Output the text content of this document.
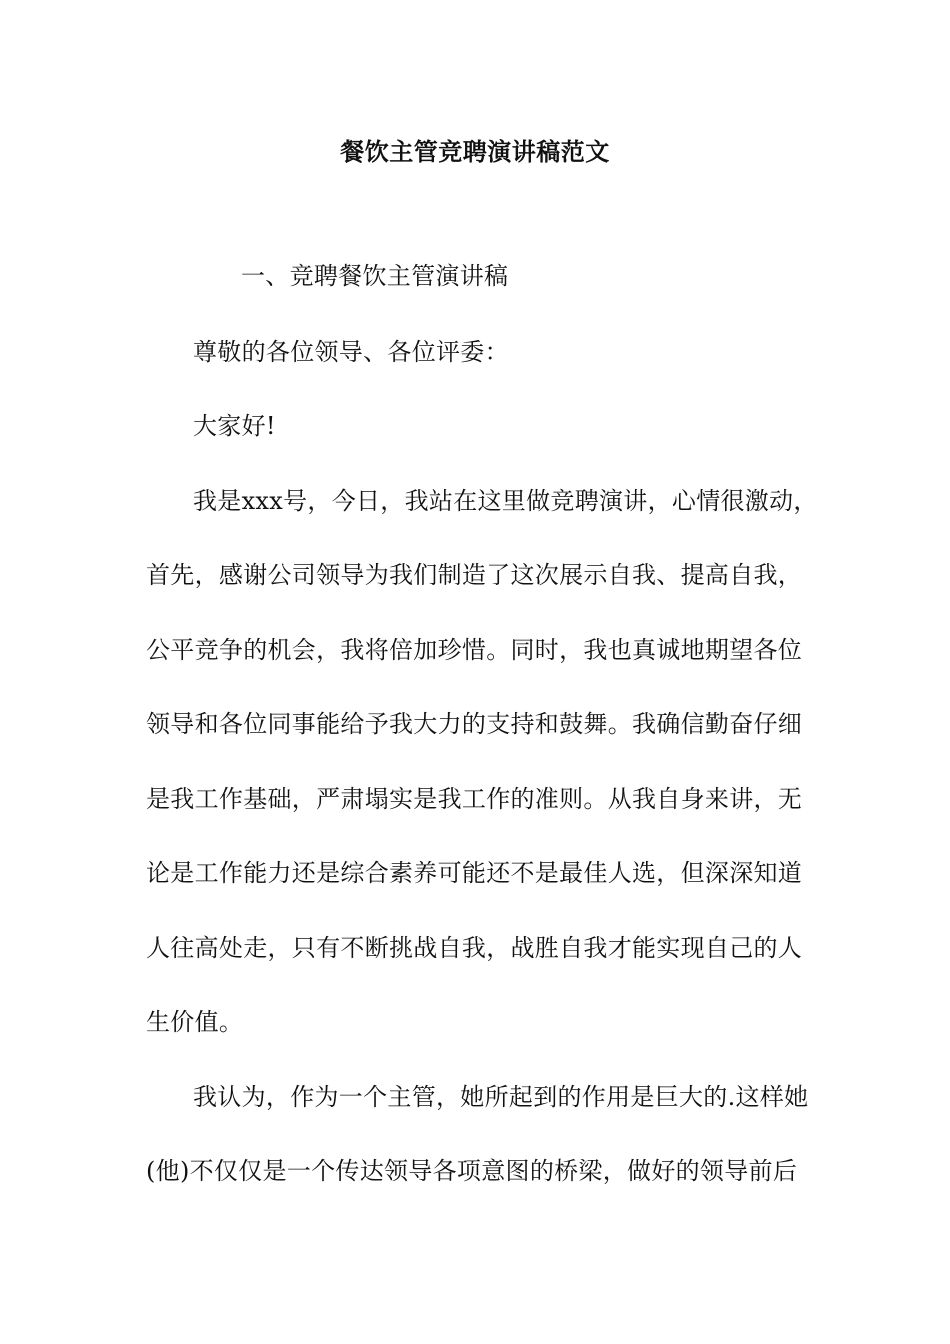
餐饮主管竞聘演讲稿范文
一、竞聘餐饮主管演讲稿
尊敬的各位领导、各位评委：
大家好!
我是xxx号，今日，我站在这里做竞聘演讲，心情很激动，
首先，感谢公司领导为我们制造了这次展示自我、提高自我，
公平竞争的机会，我将倍加珍惜。同时，我也真诚地期望各位
领导和各位同事能给予我大力的支持和鼓舞。我确信勤奋仔细
是我工作基础，严肃塌实是我工作的准则。从我自身来讲，无
论是工作能力还是综合素养可能还不是最佳人选，但深深知道
人往高处走，只有不断挑战自我，战胜自我才能实现自己的人
生价值。
我认为，作为一个主管，她所起到的作用是巨大的.这样她
(他)不仅仅是一个传达领导各项意图的桥梁，做好的领导前后
